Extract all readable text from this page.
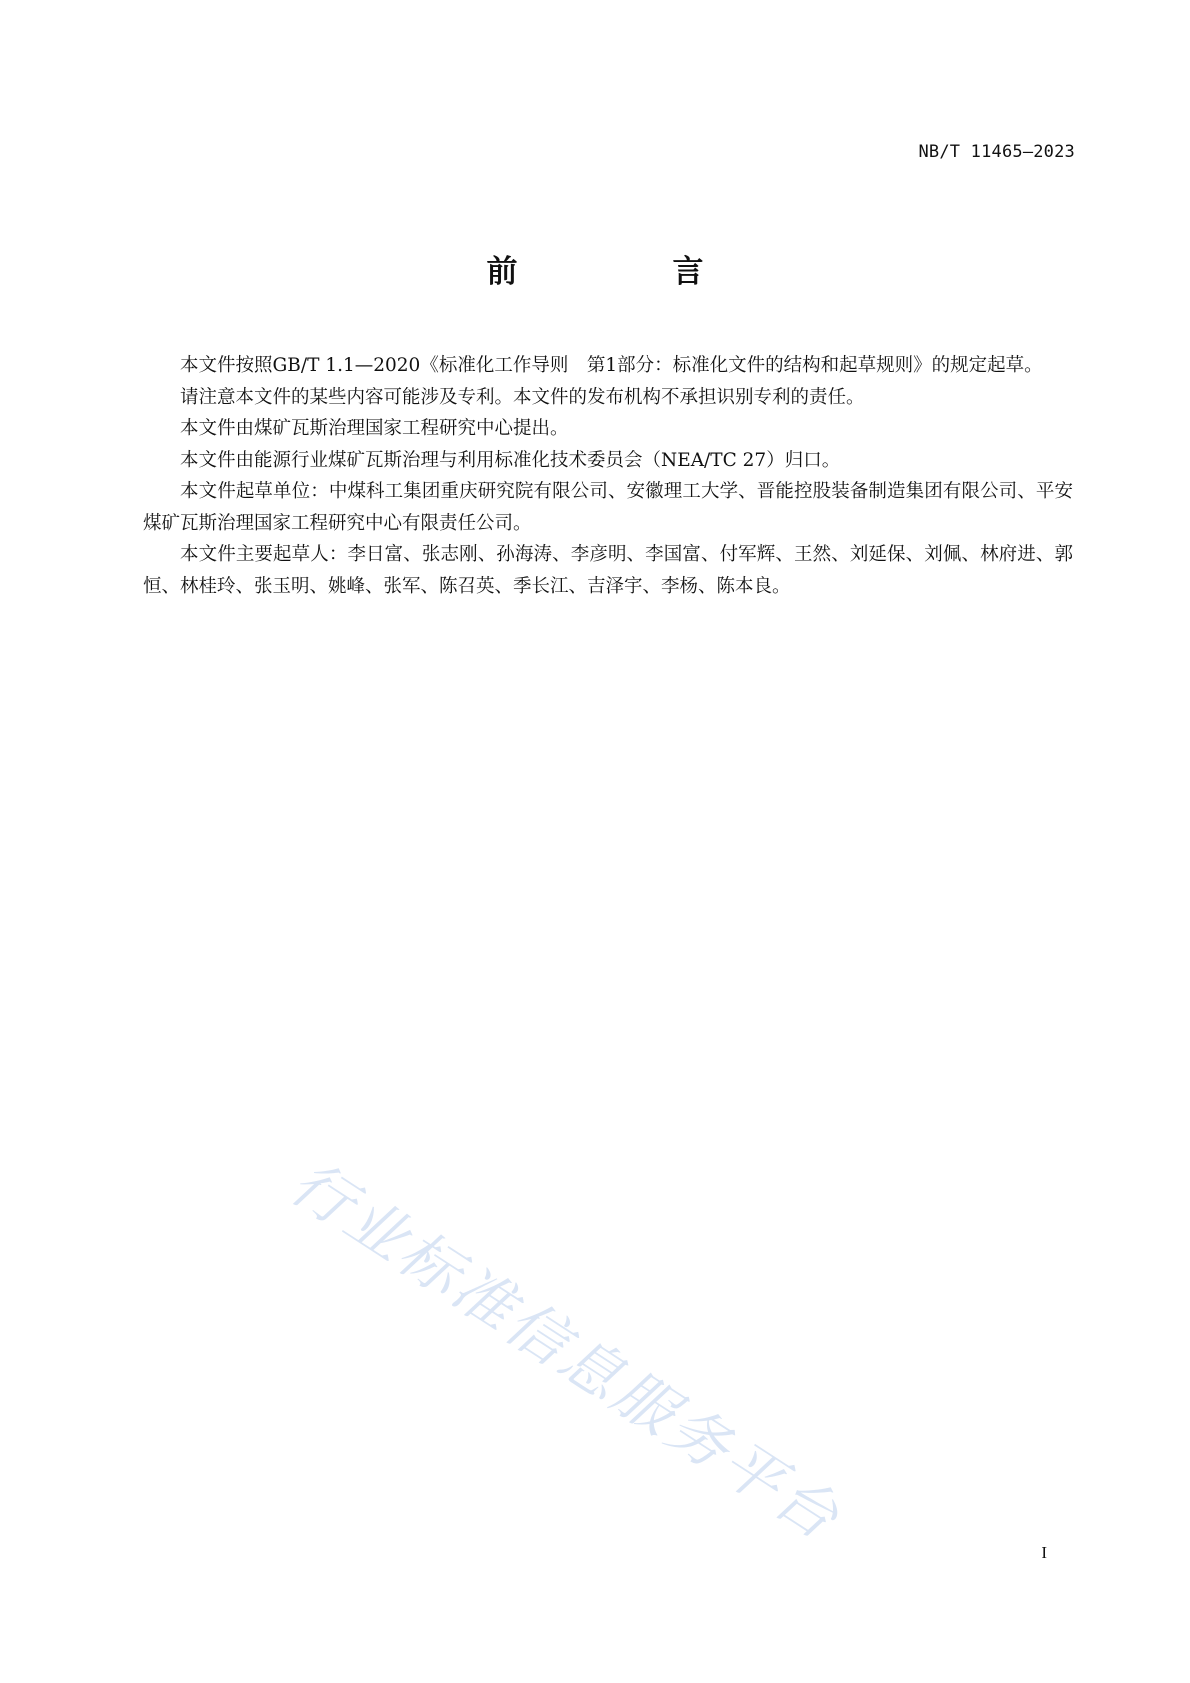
NB/T 11465—2023
前　言

本文件按照GB/T 1.1—2020《标准化工作导则　第1部分：标准化文件的结构和起草规则》的规定起草。

请注意本文件的某些内容可能涉及专利。本文件的发布机构不承担识别专利的责任。

本文件由煤矿瓦斯治理国家工程研究中心提出。

本文件由能源行业煤矿瓦斯治理与利用标准化技术委员会（NEA/TC 27）归口。

本文件起草单位：中煤科工集团重庆研究院有限公司、安徽理工大学、晋能控股装备制造集团有限公司、平安煤矿瓦斯治理国家工程研究中心有限责任公司。

本文件主要起草人：李日富、张志刚、孙海涛、李彦明、李国富、付军辉、王然、刘延保、刘佩、林府进、郭恒、林桂玲、张玉明、姚峰、张军、陈召英、季长江、吉泽宇、李杨、陈本良。

行业标准信息服务平台	I
